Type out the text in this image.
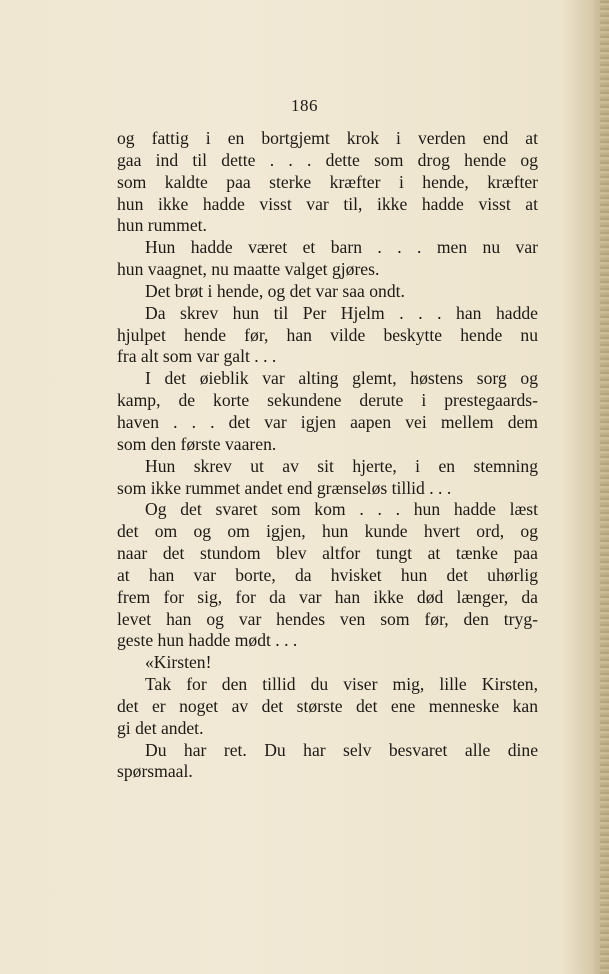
186
og fattig i en bortgjemt krok i verden end at
gaa ind til dette . . . dette som drog hende og
som kaldte paa sterke kræfter i hende, kræfter
hun ikke hadde visst var til, ikke hadde visst at
hun rummet.
Hun hadde været et barn . . . men nu var
hun vaagnet, nu maatte valget gjøres.
Det brøt i hende, og det var saa ondt.
Da skrev hun til Per Hjelm . . . han hadde
hjulpet hende før, han vilde beskytte hende nu
fra alt som var galt . . .
I det øieblik var alting glemt, høstens sorg og
kamp, de korte sekundene derute i prestegaards-
haven . . . det var igjen aapen vei mellem dem
som den første vaaren.
Hun skrev ut av sit hjerte, i en stemning
som ikke rummet andet end grænseløs tillid . . .
Og det svaret som kom . . . hun hadde læst
det om og om igjen, hun kunde hvert ord, og
naar det stundom blev altfor tungt at tænke paa
at han var borte, da hvisket hun det uhørlig
frem for sig, for da var han ikke død længer, da
levet han og var hendes ven som før, den tryg-
geste hun hadde mødt . . .
«Kirsten!
Tak for den tillid du viser mig, lille Kirsten,
det er noget av det største det ene menneske kan
gi det andet.
Du har ret. Du har selv besvaret alle dine
spørsmaal.
